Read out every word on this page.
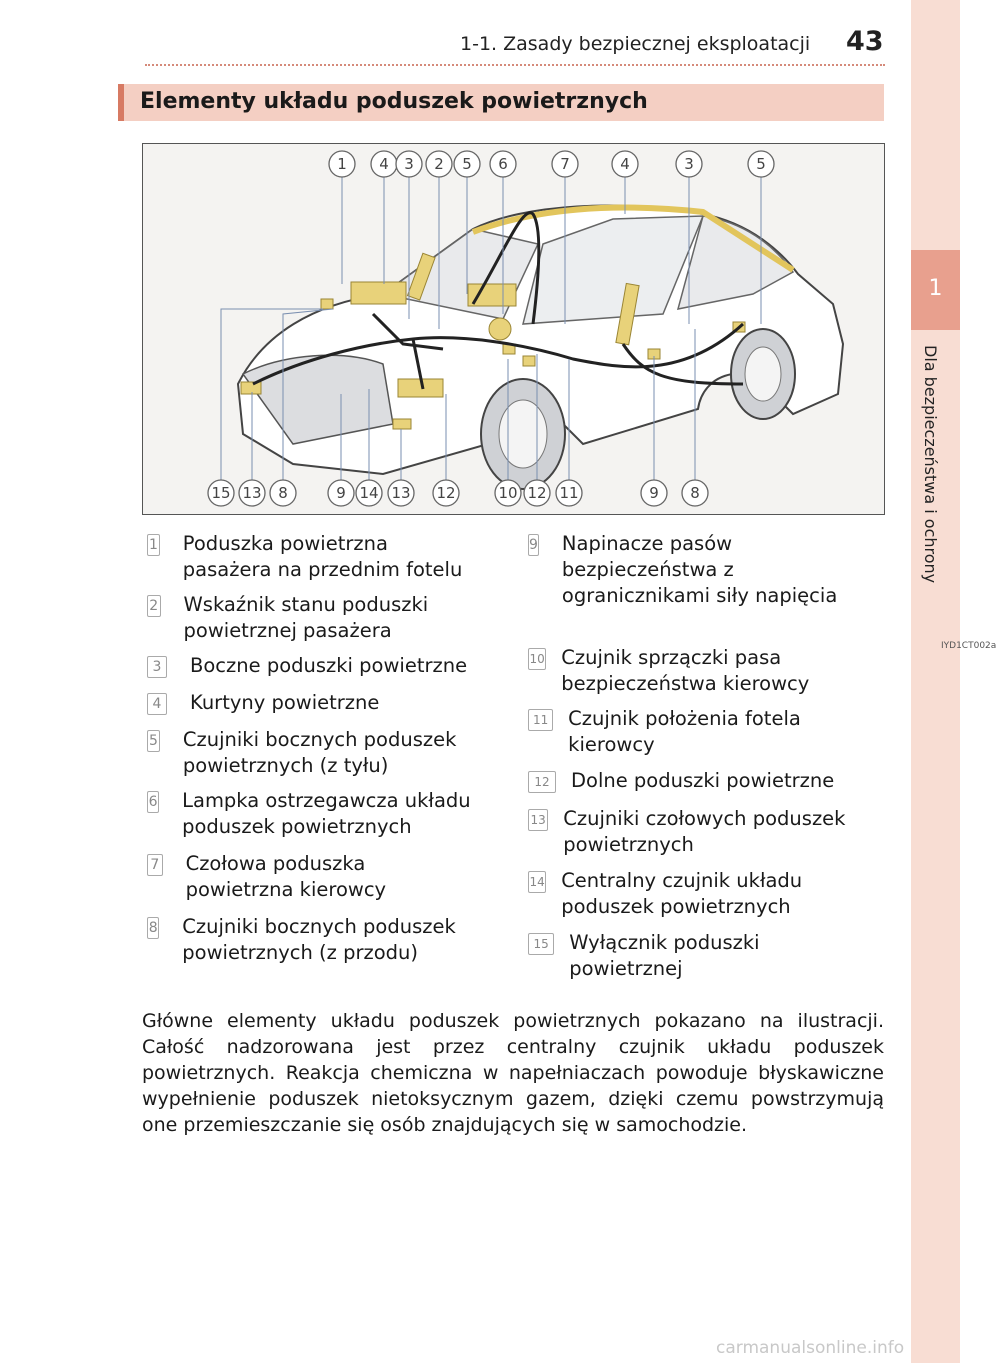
1-1. Zasady bezpiecznej eksploatacji 43
1
Dla bezpieczeństwa i ochrony
Elementy układu poduszek powietrznych
1 4 3 2 5 6	7	4	3	5
15 13 8	9 14 13 12	10 12 11	9 8
IYD1CT002a
1 Poduszka powietrzna pasażera na przednim fotelu
2 Wskaźnik stanu poduszki powietrznej pasażera
3 Boczne poduszki powietrzne
4 Kurtyny powietrzne
5 Czujniki bocznych poduszek powietrznych (z tyłu)
6 Lampka ostrzegawcza układu poduszek powietrznych
7 Czołowa poduszka powietrzna kierowcy
8 Czujniki bocznych poduszek powietrznych (z przodu)
9 Napinacze pasów bezpieczeństwa z ogranicznikami siły napięcia
10 Czujnik sprzączki pasa bezpieczeństwa kierowcy
11 Czujnik położenia fotela kierowcy
12	Dolne poduszki powietrzne
13 Czujniki czołowych poduszek powietrznych
14 Centralny czujnik układu poduszek powietrznych
15 Wyłącznik poduszki powietrznej
Główne elementy układu poduszek powietrznych pokazano na ilustracji. Całość nadzorowana jest przez centralny czujnik układu poduszek powietrznych. Reakcja chemiczna w napełniaczach powoduje błyskawiczne wypełnienie poduszek nietoksycznym gazem, dzięki czemu powstrzymują one przemieszczanie się osób znajdujących się w samochodzie.
carmanualsonline.info
